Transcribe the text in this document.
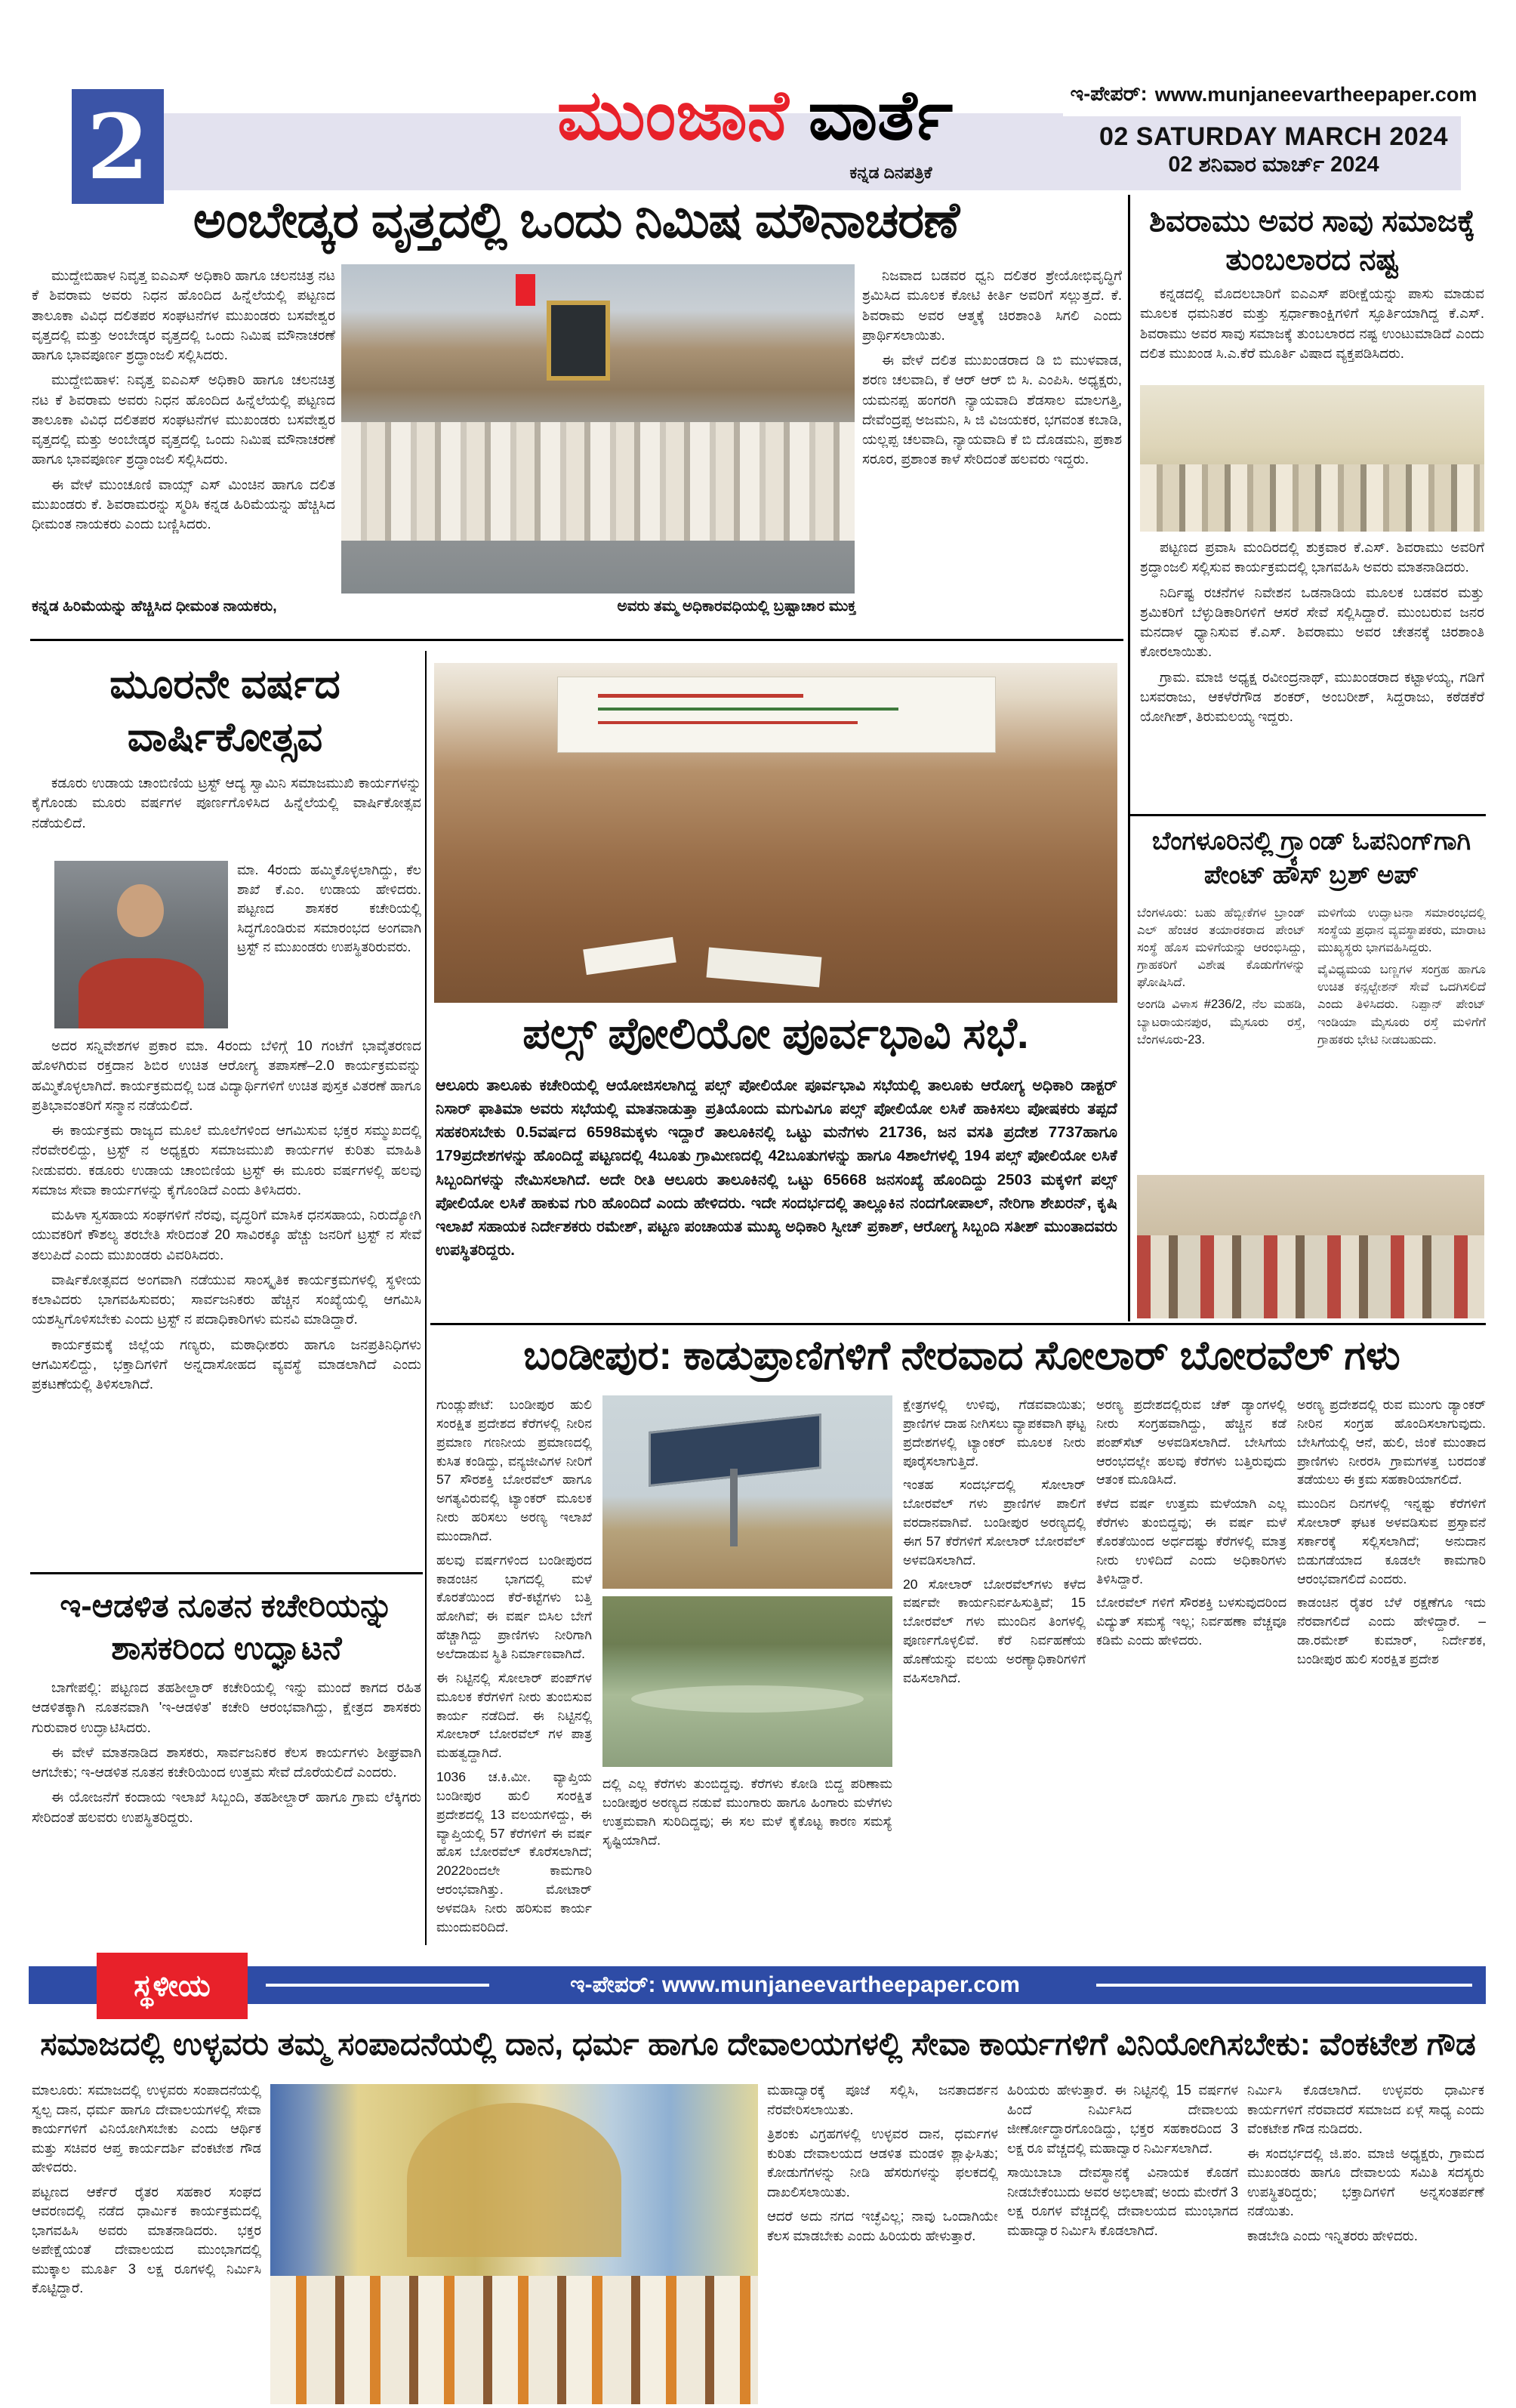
2	ಮುಂಜಾನೆ ವಾರ್ತೆ
ಕನ್ನಡ ದಿನಪತ್ರಿಕೆ
ಇ-ಪೇಪರ್: www.munjaneevartheepaper.com
02 SATURDAY MARCH 2024
02 ಶನಿವಾರ ಮಾರ್ಚ್ 2024
ಅಂಬೇಡ್ಕರ ವೃತ್ತದಲ್ಲಿ ಒಂದು ನಿಮಿಷ ಮೌನಾಚರಣೆ

ಮುದ್ದೇಬಿಹಾಳ ನಿವೃತ್ತ ಐಎಎಸ್ ಅಧಿಕಾರಿ ಹಾಗೂ ಚಲನಚಿತ್ರ ನಟ ಕೆ ಶಿವರಾಮ ಅವರು ನಿಧನ ಹೊಂದಿದ ಹಿನ್ನೆಲೆಯಲ್ಲಿ ಪಟ್ಟಣದ ತಾಲೂಕಾ ವಿವಿಧ ದಲಿತಪರ ಸಂಘಟನೆಗಳ ಮುಖಂಡರು ಬಸವೇಶ್ವರ ವೃತ್ತದಲ್ಲಿ ಮತ್ತು ಅಂಬೇಡ್ಕರ ವೃತ್ತದಲ್ಲಿ ಒಂದು ನಿಮಿಷ ಮೌನಾಚರಣೆ ಹಾಗೂ ಭಾವಪೂರ್ಣ ಶ್ರದ್ಧಾಂಜಲಿ ಸಲ್ಲಿಸಿದರು.

ಮುದ್ದೇಬಿಹಾಳ: ನಿವೃತ್ತ ಐಎಎಸ್ ಅಧಿಕಾರಿ ಹಾಗೂ ಚಲನಚಿತ್ರ ನಟ ಕೆ ಶಿವರಾಮ ಅವರು ನಿಧನ ಹೊಂದಿದ ಹಿನ್ನೆಲೆಯಲ್ಲಿ ಪಟ್ಟಣದ ತಾಲೂಕಾ ವಿವಿಧ ದಲಿತಪರ ಸಂಘಟನೆಗಳ ಮುಖಂಡರು ಬಸವೇಶ್ವರ ವೃತ್ತದಲ್ಲಿ ಮತ್ತು ಅಂಬೇಡ್ಕರ ವೃತ್ತದಲ್ಲಿ ಒಂದು ನಿಮಿಷ ಮೌನಾಚರಣೆ ಹಾಗೂ ಭಾವಪೂರ್ಣ ಶ್ರದ್ಧಾಂಜಲಿ ಸಲ್ಲಿಸಿದರು.

ಈ ವೇಳೆ ಮುಂಚೂಣಿ ವಾಯ್ಸ್ ಎಸ್ ಮಿಂಚಿನ ಹಾಗೂ ದಲಿತ ಮುಖಂಡರು ಕೆ. ಶಿವರಾಮರನ್ನು ಸ್ಮರಿಸಿ ಕನ್ನಡ ಹಿರಿಮೆಯನ್ನು ಹೆಚ್ಚಿಸಿದ ಧೀಮಂತ ನಾಯಕರು ಎಂದು ಬಣ್ಣಿಸಿದರು.

ನಿಜವಾದ ಬಡವರ ಧ್ವನಿ ದಲಿತರ ಶ್ರೇಯೋಭಿವೃದ್ಧಿಗೆ ಶ್ರಮಿಸಿದ ಮೂಲಕ ಕೋಟಿ ಕೀರ್ತಿ ಅವರಿಗೆ ಸಲ್ಲುತ್ತದೆ. ಕೆ. ಶಿವರಾಮ ಅವರ ಆತ್ಮಕ್ಕೆ ಚಿರಶಾಂತಿ ಸಿಗಲಿ ಎಂದು ಪ್ರಾರ್ಥಿಸಲಾಯಿತು.

ಈ ವೇಳೆ ದಲಿತ ಮುಖಂಡರಾದ ಡಿ ಬಿ ಮುಳವಾಡ, ಶರಣ ಚಲವಾದಿ, ಕೆ ಆರ್ ಆರ್ ಬಿ ಸಿ. ಎಂಪಿಸಿ. ಅಧ್ಯಕ್ಷರು, ಯಮನಪ್ಪ ಹಂಗರಗಿ ನ್ಯಾಯವಾದಿ ಶೆಡಸಾಲ ಮಾಲಗತ್ತಿ, ದೇವೆಂದ್ರಪ್ಪ ಅಜಮನಿ, ಸಿ ಜಿ ವಿಜಯಕರ, ಭಗವಂತ ಕಬಾಡಿ, ಯಲ್ಲಪ್ಪ ಚಲವಾದಿ, ನ್ಯಾಯವಾದಿ ಕೆ ಬಿ ದೊಡಮನಿ, ಪ್ರಕಾಶ ಸರೂರ, ಪ್ರಶಾಂತ ಕಾಳೆ ಸೇರಿದಂತೆ ಹಲವರು ಇದ್ದರು.

ಕನ್ನಡ ಹಿರಿಮೆಯನ್ನು ಹೆಚ್ಚಿಸಿದ ಧೀಮಂತ ನಾಯಕರು,	ಅವರು ತಮ್ಮ ಅಧಿಕಾರವಧಿಯಲ್ಲಿ ಬ್ರಷ್ಟಾಚಾರ ಮುಕ್ತ
ಶಿವರಾಮು ಅವರ ಸಾವು ಸಮಾಜಕ್ಕೆ ತುಂಬಲಾರದ ನಷ್ಟ

ಕನ್ನಡದಲ್ಲಿ ಮೊದಲಬಾರಿಗೆ ಐಎಎಸ್ ಪರೀಕ್ಷೆಯನ್ನು ಪಾಸು ಮಾಡುವ ಮೂಲಕ ಧಮನಿತರ ಮತ್ತು ಸ್ಪರ್ಧಾಕಾಂಕ್ಷಿಗಳಿಗೆ ಸ್ಫೂರ್ತಿಯಾಗಿದ್ದ ಕೆ.ಎಸ್. ಶಿವರಾಮು ಅವರ ಸಾವು ಸಮಾಜಕ್ಕೆ ತುಂಬಲಾರದ ನಷ್ಟ ಉಂಟುಮಾಡಿದೆ ಎಂದು ದಲಿತ ಮುಖಂಡ ಸಿ.ಎ.ಕೆರೆ ಮೂರ್ತಿ ವಿಷಾದ ವ್ಯಕ್ತಪಡಿಸಿದರು.

ಪಟ್ಟಣದ ಪ್ರವಾಸಿ ಮಂದಿರದಲ್ಲಿ ಶುಕ್ರವಾರ ಕೆ.ಎಸ್. ಶಿವರಾಮು ಅವರಿಗೆ ಶ್ರದ್ಧಾಂಜಲಿ ಸಲ್ಲಿಸುವ ಕಾರ್ಯಕ್ರಮದಲ್ಲಿ ಭಾಗವಹಿಸಿ ಅವರು ಮಾತನಾಡಿದರು.

ನಿರ್ದಿಷ್ಟ ರಚನೆಗಳ ನಿವೇಶನ ಒಡನಾಡಿಯ ಮೂಲಕ ಬಡವರ ಮತ್ತು ಶ್ರಮಿಕರಿಗೆ ಬೆಳ್ಳುಡಿಕಾರಿಗಳಿಗೆ ಆಸರೆ ಸೇವೆ ಸಲ್ಲಿಸಿದ್ದಾರೆ. ಮುಂಬರುವ ಜನರ ಮನದಾಳ ಧ್ಯಾನಿಸುವ ಕೆ.ಎಸ್. ಶಿವರಾಮು ಅವರ ಚೇತನಕ್ಕೆ ಚಿರಶಾಂತಿ ಕೋರಲಾಯಿತು.

ಗ್ರಾಮ. ಮಾಜಿ ಅಧ್ಯಕ್ಷ ರವೀಂದ್ರನಾಥ್, ಮುಖಂಡರಾದ ಕಟ್ಟಾಳಯ್ಯ, ಗಡಿಗೆ ಬಸವರಾಜು, ಆಕಳೆರೆಗೌಡ ಶಂಕರ್, ಅಂಬರೀಶ್, ಸಿದ್ದರಾಜು, ಕಠೆಡಕೆರೆ ಯೋಗೀಶ್, ತಿರುಮಲಯ್ಯ ಇದ್ದರು.

ಬೆಂಗಳೂರಿನಲ್ಲಿ ಗ್ರ್ಯಾಂಡ್ ಓಪನಿಂಗ್‌ಗಾಗಿ ಪೇಂಟ್ ಹೌಸ್ ಬ್ರಶ್ ಅಪ್

ಬೆಂಗಳೂರು: ಬಹು ಹೆಬ್ಬೀಕೆಗಳ ಬ್ರಾಂಡ್ ಎಲ್ ಹೆಂಚರ ತಯಾರಕರಾದ ಪೇಂಟ್ ಸಂಸ್ಥೆ ಹೊಸ ಮಳಿಗೆಯನ್ನು ಆರಂಭಿಸಿದ್ದು, ಗ್ರಾಹಕರಿಗೆ ವಿಶೇಷ ಕೊಡುಗೆಗಳನ್ನು ಘೋಷಿಸಿದೆ.

ಅಂಗಡಿ ವಿಳಾಸ #236/2, ನೆಲ ಮಹಡಿ, ಬ್ಯಾಟರಾಯನಪುರ, ಮೈಸೂರು ರಸ್ತೆ, ಬೆಂಗಳೂರು-23.

ಮಳಿಗೆಯ ಉದ್ಘಾಟನಾ ಸಮಾರಂಭದಲ್ಲಿ ಸಂಸ್ಥೆಯ ಪ್ರಧಾನ ವ್ಯವಸ್ಥಾಪಕರು, ಮಾರಾಟ ಮುಖ್ಯಸ್ಥರು ಭಾಗವಹಿಸಿದ್ದರು.

ವೈವಿಧ್ಯಮಯ ಬಣ್ಣಗಳ ಸಂಗ್ರಹ ಹಾಗೂ ಉಚಿತ ಕನ್ಸಲ್ಟೇಶನ್ ಸೇವೆ ಒದಗಿಸಲಿದೆ ಎಂದು ತಿಳಿಸಿದರು. ನಿಪ್ಪಾನ್ ಪೇಂಟ್ ಇಂಡಿಯಾ ಮೈಸೂರು ರಸ್ತೆ ಮಳಿಗೆಗೆ ಗ್ರಾಹಕರು ಭೇಟಿ ನೀಡಬಹುದು.

ಮೂರನೇ ವರ್ಷದ ವಾರ್ಷಿಕೋತ್ಸವ

ಕಡೂರು ಉಡಾಯ ಚಾಂಬಿಣಿಯ ಟ್ರಸ್ಟ್ ಆದ್ಯ ಸ್ವಾಮಿನಿ ಸಮಾಜಮುಖಿ ಕಾರ್ಯಗಳನ್ನು ಕೈಗೊಂಡು ಮೂರು ವರ್ಷಗಳ ಪೂರ್ಣಗೊಳಿಸಿದ ಹಿನ್ನೆಲೆಯಲ್ಲಿ ವಾರ್ಷಿಕೋತ್ಸವ ನಡೆಯಲಿದೆ.

ಮಾ. 4ರಂದು ಹಮ್ಮಿಕೊಳ್ಳಲಾಗಿದ್ದು, ಕೆಲ ಶಾಖೆ ಕೆ.ಎಂ. ಉಡಾಯ ಹೇಳಿದರು. ಪಟ್ಟಣದ ಶಾಸಕರ ಕಚೇರಿಯಲ್ಲಿ ಸಿದ್ಧಗೊಂಡಿರುವ ಸಮಾರಂಭದ ಅಂಗವಾಗಿ ಟ್ರಸ್ಟ್ ನ ಮುಖಂಡರು ಉಪಸ್ಥಿತರಿರುವರು.

ಅದರ ಸನ್ನಿವೇಶಗಳ ಪ್ರಕಾರ ಮಾ. 4ರಂದು ಬೆಳಿಗ್ಗೆ 10 ಗಂಟೆಗೆ ಭಾವೈತರಣದ ಹೊಳಗಿರುವ ರಕ್ತದಾನ ಶಿಬಿರ ಉಚಿತ ಆರೋಗ್ಯ ತಪಾಸಣೆ–2.0 ಕಾರ್ಯಕ್ರಮವನ್ನು ಹಮ್ಮಿಕೊಳ್ಳಲಾಗಿದೆ. ಕಾರ್ಯಕ್ರಮದಲ್ಲಿ ಬಡ ವಿದ್ಯಾರ್ಥಿಗಳಿಗೆ ಉಚಿತ ಪುಸ್ತಕ ವಿತರಣೆ ಹಾಗೂ ಪ್ರತಿಭಾವಂತರಿಗೆ ಸನ್ಮಾನ ನಡೆಯಲಿದೆ.

ಈ ಕಾರ್ಯಕ್ರಮ ರಾಜ್ಯದ ಮೂಲೆ ಮೂಲೆಗಳಿಂದ ಆಗಮಿಸುವ ಭಕ್ತರ ಸಮ್ಮುಖದಲ್ಲಿ ನೆರವೇರಲಿದ್ದು, ಟ್ರಸ್ಟ್ ನ ಅಧ್ಯಕ್ಷರು ಸಮಾಜಮುಖಿ ಕಾರ್ಯಗಳ ಕುರಿತು ಮಾಹಿತಿ ನೀಡುವರು. ಕಡೂರು ಉಡಾಯ ಚಾಂಬಿಣಿಯ ಟ್ರಸ್ಟ್ ಈ ಮೂರು ವರ್ಷಗಳಲ್ಲಿ ಹಲವು ಸಮಾಜ ಸೇವಾ ಕಾರ್ಯಗಳನ್ನು ಕೈಗೊಂಡಿದೆ ಎಂದು ತಿಳಿಸಿದರು.

ಮಹಿಳಾ ಸ್ವಸಹಾಯ ಸಂಘಗಳಿಗೆ ನೆರವು, ವೃದ್ಧರಿಗೆ ಮಾಸಿಕ ಧನಸಹಾಯ, ನಿರುದ್ಯೋಗಿ ಯುವಕರಿಗೆ ಕೌಶಲ್ಯ ತರಬೇತಿ ಸೇರಿದಂತೆ 20 ಸಾವಿರಕ್ಕೂ ಹೆಚ್ಚು ಜನರಿಗೆ ಟ್ರಸ್ಟ್ ನ ಸೇವೆ ತಲುಪಿದೆ ಎಂದು ಮುಖಂಡರು ವಿವರಿಸಿದರು.

ವಾರ್ಷಿಕೋತ್ಸವದ ಅಂಗವಾಗಿ ನಡೆಯುವ ಸಾಂಸ್ಕೃತಿಕ ಕಾರ್ಯಕ್ರಮಗಳಲ್ಲಿ ಸ್ಥಳೀಯ ಕಲಾವಿದರು ಭಾಗವಹಿಸುವರು; ಸಾರ್ವಜನಿಕರು ಹೆಚ್ಚಿನ ಸಂಖ್ಯೆಯಲ್ಲಿ ಆಗಮಿಸಿ ಯಶಸ್ವಿಗೊಳಿಸಬೇಕು ಎಂದು ಟ್ರಸ್ಟ್ ನ ಪದಾಧಿಕಾರಿಗಳು ಮನವಿ ಮಾಡಿದ್ದಾರೆ.

ಕಾರ್ಯಕ್ರಮಕ್ಕೆ ಜಿಲ್ಲೆಯ ಗಣ್ಯರು, ಮಠಾಧೀಶರು ಹಾಗೂ ಜನಪ್ರತಿನಿಧಿಗಳು ಆಗಮಿಸಲಿದ್ದು, ಭಕ್ತಾದಿಗಳಿಗೆ ಅನ್ನದಾಸೋಹದ ವ್ಯವಸ್ಥೆ ಮಾಡಲಾಗಿದೆ ಎಂದು ಪ್ರಕಟಣೆಯಲ್ಲಿ ತಿಳಿಸಲಾಗಿದೆ.

ಪಲ್ಸ್ ಪೋಲಿಯೋ ಪೂರ್ವಭಾವಿ ಸಭೆ.
ಆಲೂರು ತಾಲೂಕು ಕಚೇರಿಯಲ್ಲಿ ಆಯೋಜಿಸಲಾಗಿದ್ದ ಪಲ್ಸ್ ಪೋಲಿಯೋ ಪೂರ್ವಭಾವಿ ಸಭೆಯಲ್ಲಿ ತಾಲೂಕು ಆರೋಗ್ಯ ಅಧಿಕಾರಿ ಡಾಕ್ಟರ್ ನಿಸಾರ್ ಫಾತಿಮಾ ಅವರು ಸಭೆಯಲ್ಲಿ ಮಾತನಾಡುತ್ತಾ ಪ್ರತಿಯೊಂದು ಮಗುವಿಗೂ ಪಲ್ಸ್ ಪೋಲಿಯೋ ಲಸಿಕೆ ಹಾಕಿಸಲು ಪೋಷಕರು ತಪ್ಪದೆ ಸಹಕರಿಸಬೇಕು 0.5ವರ್ಷದ 6598ಮಕ್ಕಳು ಇದ್ದಾರೆ ತಾಲೂಕಿನಲ್ಲಿ ಒಟ್ಟು ಮನೆಗಳು 21736, ಜನ ವಸತಿ ಪ್ರದೇಶ 7737ಹಾಗೂ 179ಪ್ರದೇಶಗಳನ್ನು ಹೊಂದಿದ್ದೆ ಪಟ್ಟಣದಲ್ಲಿ 4ಬೂತು ಗ್ರಾಮೀಣದಲ್ಲಿ 42ಬೂತುಗಳನ್ನು ಹಾಗೂ 4ಶಾಲೆಗಳಲ್ಲಿ 194 ಪಲ್ಸ್ ಪೋಲಿಯೋ ಲಸಿಕೆ ಸಿಬ್ಬಂದಿಗಳನ್ನು ನೇಮಿಸಲಾಗಿದೆ. ಅದೇ ರೀತಿ ಆಲೂರು ತಾಲೂಕಿನಲ್ಲಿ ಒಟ್ಟು 65668 ಜನಸಂಖ್ಯೆ ಹೊಂದಿದ್ದು 2503 ಮಕ್ಕಳಿಗೆ ಪಲ್ಸ್ ಪೋಲಿಯೋ ಲಸಿಕೆ ಹಾಕುವ ಗುರಿ ಹೊಂದಿದೆ ಎಂದು ಹೇಳಿದರು. ಇದೇ ಸಂದರ್ಭದಲ್ಲಿ ತಾಲ್ಲೂಕಿನ ನಂದಗೋಪಾಲ್, ನೇರಿಗಾ ಶೇಖರನ್, ಕೃಷಿ ಇಲಾಖೆ ಸಹಾಯಕ ನಿರ್ದೇಶಕರು ರಮೇಶ್, ಪಟ್ಟಣ ಪಂಚಾಯತ ಮುಖ್ಯ ಅಧಿಕಾರಿ ಸ್ವೀಚ್ ಪ್ರಕಾಶ್, ಆರೋಗ್ಯ ಸಿಬ್ಬಂದಿ ಸತೀಶ್ ಮುಂತಾದವರು ಉಪಸ್ಥಿತರಿದ್ದರು.
ಬಂಡೀಪುರ: ಕಾಡುಪ್ರಾಣಿಗಳಿಗೆ ನೇರವಾದ ಸೋಲಾರ್ ಬೋರವೆಲ್ ಗಳು

ಗುಂಡ್ಲುಪೇಟೆ: ಬಂಡೀಪುರ ಹುಲಿ ಸಂರಕ್ಷಿತ ಪ್ರದೇಶದ ಕೆರೆಗಳಲ್ಲಿ ನೀರಿನ ಪ್ರಮಾಣ ಗಣನೀಯ ಪ್ರಮಾಣದಲ್ಲಿ ಕುಸಿತ ಕಂಡಿದ್ದು, ವನ್ಯಜೀವಿಗಳ ನೀರಿಗೆ 57 ಸೌರಶಕ್ತಿ ಬೋರವೆಲ್ ಹಾಗೂ ಅಗತ್ಯವಿರುವಲ್ಲಿ ಟ್ಯಾಂಕರ್ ಮೂಲಕ ನೀರು ಹರಿಸಲು ಅರಣ್ಯ ಇಲಾಖೆ ಮುಂದಾಗಿದೆ.

ಹಲವು ವರ್ಷಗಳಿಂದ ಬಂಡೀಪುರದ ಕಾಡಂಚಿನ ಭಾಗದಲ್ಲಿ ಮಳೆ ಕೊರತೆಯಿಂದ ಕೆರೆ-ಕಟ್ಟೆಗಳು ಬತ್ತಿ ಹೋಗಿವೆ; ಈ ವರ್ಷ ಬಿಸಿಲ ಬೇಗೆ ಹೆಚ್ಚಾಗಿದ್ದು ಪ್ರಾಣಿಗಳು ನೀರಿಗಾಗಿ ಅಲೆದಾಡುವ ಸ್ಥಿತಿ ನಿರ್ಮಾಣವಾಗಿದೆ.

ಈ ನಿಟ್ಟಿನಲ್ಲಿ ಸೋಲಾರ್ ಪಂಪ್‌ಗಳ ಮೂಲಕ ಕೆರೆಗಳಿಗೆ ನೀರು ತುಂಬಿಸುವ ಕಾರ್ಯ ನಡೆದಿದೆ. ಈ ನಿಟ್ಟಿನಲ್ಲಿ ಸೋಲಾರ್ ಬೋರವೆಲ್ ಗಳ ಪಾತ್ರ ಮಹತ್ವದ್ದಾಗಿದೆ.

1036 ಚ.ಕಿ.ಮೀ. ವ್ಯಾಪ್ತಿಯ ಬಂಡೀಪುರ ಹುಲಿ ಸಂರಕ್ಷಿತ ಪ್ರದೇಶದಲ್ಲಿ 13 ವಲಯಗಳಿದ್ದು, ಈ ವ್ಯಾಪ್ತಿಯಲ್ಲಿ 57 ಕೆರೆಗಳಿಗೆ ಈ ವರ್ಷ ಹೊಸ ಬೋರವೆಲ್ ಕೊರೆಸಲಾಗಿದೆ; 2022ರಿಂದಲೇ ಕಾಮಗಾರಿ ಆರಂಭವಾಗಿತ್ತು. ಮೋಟಾರ್ ಅಳವಡಿಸಿ ನೀರು ಹರಿಸುವ ಕಾರ್ಯ ಮುಂದುವರಿದಿದೆ.

ದಲ್ಲಿ ಎಲ್ಲ ಕೆರೆಗಳು ತುಂಬಿದ್ದವು. ಕೆರೆಗಳು ಕೋಡಿ ಬಿದ್ದ ಪರಿಣಾಮ ಬಂಡೀಪುರ ಅರಣ್ಯದ ನಡುವೆ ಮುಂಗಾರು ಹಾಗೂ ಹಿಂಗಾರು ಮಳೆಗಳು ಉತ್ತಮವಾಗಿ ಸುರಿದಿದ್ದವು; ಈ ಸಲ ಮಳೆ ಕೈಕೊಟ್ಟ ಕಾರಣ ಸಮಸ್ಯೆ ಸೃಷ್ಟಿಯಾಗಿದೆ.

ಕ್ಷೇತ್ರಗಳಲ್ಲಿ ಉಳಿವು, ಗೆಡವವಾಯಿತು; ಪ್ರಾಣಿಗಳ ದಾಹ ನೀಗಿಸಲು ವ್ಯಾಪಕವಾಗಿ ಘಟ್ಟ ಪ್ರದೇಶಗಳಲ್ಲಿ ಟ್ಯಾಂಕರ್ ಮೂಲಕ ನೀರು ಪೂರೈಸಲಾಗುತ್ತಿದೆ.

ಇಂತಹ ಸಂದರ್ಭದಲ್ಲಿ ಸೋಲಾರ್ ಬೋರವೆಲ್ ಗಳು ಪ್ರಾಣಿಗಳ ಪಾಲಿಗೆ ವರದಾನವಾಗಿವೆ. ಬಂಡೀಪುರ ಅರಣ್ಯದಲ್ಲಿ ಈಗ 57 ಕೆರೆಗಳಿಗೆ ಸೋಲಾರ್ ಬೋರವೆಲ್ ಅಳವಡಿಸಲಾಗಿದೆ.

20 ಸೋಲಾರ್ ಬೋರವೆಲ್‌ಗಳು ಕಳೆದ ವರ್ಷವೇ ಕಾರ್ಯನಿರ್ವಹಿಸುತ್ತಿವೆ; 15 ಬೋರವೆಲ್ ಗಳು ಮುಂದಿನ ತಿಂಗಳಲ್ಲಿ ಪೂರ್ಣಗೊಳ್ಳಲಿವೆ. ಕೆರೆ ನಿರ್ವಹಣೆಯ ಹೊಣೆಯನ್ನು ವಲಯ ಅರಣ್ಯಾಧಿಕಾರಿಗಳಿಗೆ ವಹಿಸಲಾಗಿದೆ.

ಅರಣ್ಯ ಪ್ರದೇಶದಲ್ಲಿರುವ ಚೆಕ್ ಡ್ಯಾಂಗಳಲ್ಲಿ ನೀರು ಸಂಗ್ರಹವಾಗಿದ್ದು, ಹೆಚ್ಚಿನ ಕಡೆ ಪಂಪ್‌ಸೆಟ್ ಅಳವಡಿಸಲಾಗಿದೆ. ಬೇಸಿಗೆಯ ಆರಂಭದಲ್ಲೇ ಹಲವು ಕೆರೆಗಳು ಬತ್ತಿರುವುದು ಆತಂಕ ಮೂಡಿಸಿದೆ.

ಕಳೆದ ವರ್ಷ ಉತ್ತಮ ಮಳೆಯಾಗಿ ಎಲ್ಲ ಕೆರೆಗಳು ತುಂಬಿದ್ದವು; ಈ ವರ್ಷ ಮಳೆ ಕೊರತೆಯಿಂದ ಅರ್ಧದಷ್ಟು ಕೆರೆಗಳಲ್ಲಿ ಮಾತ್ರ ನೀರು ಉಳಿದಿದೆ ಎಂದು ಅಧಿಕಾರಿಗಳು ತಿಳಿಸಿದ್ದಾರೆ.

ಬೋರವೆಲ್ ಗಳಿಗೆ ಸೌರಶಕ್ತಿ ಬಳಸುವುದರಿಂದ ವಿದ್ಯುತ್ ಸಮಸ್ಯೆ ಇಲ್ಲ; ನಿರ್ವಹಣಾ ವೆಚ್ಚವೂ ಕಡಿಮೆ ಎಂದು ಹೇಳಿದರು.

ಅರಣ್ಯ ಪ್ರದೇಶದಲ್ಲಿ ರುವ ಮುಂಗು ಡ್ಯಾಂಕರ್ ನೀರಿನ ಸಂಗ್ರಹ ಹೊಂದಿಸಲಾಗುವುದು. ಬೇಸಿಗೆಯಲ್ಲಿ ಆನೆ, ಹುಲಿ, ಜಿಂಕೆ ಮುಂತಾದ ಪ್ರಾಣಿಗಳು ನೀರರಸಿ ಗ್ರಾಮಗಳತ್ತ ಬರದಂತೆ ತಡೆಯಲು ಈ ಕ್ರಮ ಸಹಕಾರಿಯಾಗಲಿದೆ.

ಮುಂದಿನ ದಿನಗಳಲ್ಲಿ ಇನ್ನಷ್ಟು ಕೆರೆಗಳಿಗೆ ಸೋಲಾರ್ ಘಟಕ ಅಳವಡಿಸುವ ಪ್ರಸ್ತಾವನೆ ಸರ್ಕಾರಕ್ಕೆ ಸಲ್ಲಿಸಲಾಗಿದೆ; ಅನುದಾನ ಬಿಡುಗಡೆಯಾದ ಕೂಡಲೇ ಕಾಮಗಾರಿ ಆರಂಭವಾಗಲಿದೆ ಎಂದರು.

ಕಾಡಂಚಿನ ರೈತರ ಬೆಳೆ ರಕ್ಷಣೆಗೂ ಇದು ನೆರವಾಗಲಿದೆ ಎಂದು ಹೇಳಿದ್ದಾರೆ. –ಡಾ.ರಮೇಶ್ ಕುಮಾರ್, ನಿರ್ದೇಶಕ, ಬಂಡೀಪುರ ಹುಲಿ ಸಂರಕ್ಷಿತ ಪ್ರದೇಶ

ಇ-ಆಡಳಿತ ನೂತನ ಕಚೇರಿಯನ್ನು ಶಾಸಕರಿಂದ ಉದ್ಘಾಟನೆ

ಬಾಗೇಪಲ್ಲಿ: ಪಟ್ಟಣದ ತಹಶೀಲ್ದಾರ್ ಕಚೇರಿಯಲ್ಲಿ ಇನ್ನು ಮುಂದೆ ಕಾಗದ ರಹಿತ ಆಡಳಿತಕ್ಕಾಗಿ ನೂತನವಾಗಿ 'ಇ-ಆಡಳಿತ' ಕಚೇರಿ ಆರಂಭವಾಗಿದ್ದು, ಕ್ಷೇತ್ರದ ಶಾಸಕರು ಗುರುವಾರ ಉದ್ಘಾಟಿಸಿದರು.

ಈ ವೇಳೆ ಮಾತನಾಡಿದ ಶಾಸಕರು, ಸಾರ್ವಜನಿಕರ ಕೆಲಸ ಕಾರ್ಯಗಳು ಶೀಘ್ರವಾಗಿ ಆಗಬೇಕು; ಇ-ಆಡಳಿತ ನೂತನ ಕಚೇರಿಯಿಂದ ಉತ್ತಮ ಸೇವೆ ದೊರೆಯಲಿದೆ ಎಂದರು.

ಈ ಯೋಜನೆಗೆ ಕಂದಾಯ ಇಲಾಖೆ ಸಿಬ್ಬಂದಿ, ತಹಶೀಲ್ದಾರ್ ಹಾಗೂ ಗ್ರಾಮ ಲೆಕ್ಕಿಗರು ಸೇರಿದಂತೆ ಹಲವರು ಉಪಸ್ಥಿತರಿದ್ದರು.

ಸ್ಥಳೀಯ	ಇ-ಪೇಪರ್: www.munjaneevartheepaper.com
ಸಮಾಜದಲ್ಲಿ ಉಳ್ಳವರು ತಮ್ಮ ಸಂಪಾದನೆಯಲ್ಲಿ ದಾನ, ಧರ್ಮ ಹಾಗೂ ದೇವಾಲಯಗಳಲ್ಲಿ ಸೇವಾ ಕಾರ್ಯಗಳಿಗೆ ವಿನಿಯೋಗಿಸಬೇಕು: ವೆಂಕಟೇಶ ಗೌಡ

ಮಾಲೂರು: ಸಮಾಜದಲ್ಲಿ ಉಳ್ಳವರು ಸಂಪಾದನೆಯಲ್ಲಿ ಸ್ವಲ್ಪ ದಾನ, ಧರ್ಮ ಹಾಗೂ ದೇವಾಲಯಗಳಲ್ಲಿ ಸೇವಾ ಕಾರ್ಯಗಳಿಗೆ ವಿನಿಯೋಗಿಸಬೇಕು ಎಂದು ಆರ್ಥಿಕ ಮತ್ತು ಸಚಿವರ ಆಪ್ತ ಕಾರ್ಯದರ್ಶಿ ವೆಂಕಟೇಶ ಗೌಡ ಹೇಳಿದರು.

ಪಟ್ಟಣದ ಆರ್ಕೆರೆ ರೈತರ ಸಹಕಾರ ಸಂಘದ ಆವರಣದಲ್ಲಿ ನಡೆದ ಧಾರ್ಮಿಕ ಕಾರ್ಯಕ್ರಮದಲ್ಲಿ ಭಾಗವಹಿಸಿ ಅವರು ಮಾತನಾಡಿದರು. ಭಕ್ತರ ಅಪೇಕ್ಷೆಯಂತೆ ದೇವಾಲಯದ ಮುಂಭಾಗದಲ್ಲಿ ಮುಕ್ಕಾಲ ಮೂರ್ತಿ 3 ಲಕ್ಷ ರೂಗಳಲ್ಲಿ ನಿರ್ಮಿಸಿ ಕೊಟ್ಟಿದ್ದಾರೆ.

ಮಹಾದ್ವಾರಕ್ಕೆ ಪೂಜೆ ಸಲ್ಲಿಸಿ, ಜನತಾದರ್ಶನ ನೆರವೇರಿಸಲಾಯಿತು.

ತ್ರಿಶಂಕು ವಿಗ್ರಹಗಳಲ್ಲಿ ಉಳ್ಳವರ ದಾನ, ಧರ್ಮಗಳ ಕುರಿತು ದೇವಾಲಯದ ಆಡಳಿತ ಮಂಡಳಿ ಶ್ಲಾಘಿಸಿತು; ಕೋಡುಗೆಗಳನ್ನು ನೀಡಿ ಹೆಸರುಗಳನ್ನು ಫಲಕದಲ್ಲಿ ದಾಖಲಿಸಲಾಯಿತು.

ಆದರೆ ಅದು ನಗದ ಇಚ್ಛೆವಿಲ್ಲ; ನಾವು ಒಂದಾಗಿಯೇ ಕೆಲಸ ಮಾಡಬೇಕು ಎಂದು ಹಿರಿಯರು ಹೇಳುತ್ತಾರೆ.

ಹಿರಿಯರು ಹೇಳುತ್ತಾರೆ. ಈ ನಿಟ್ಟಿನಲ್ಲಿ 15 ವರ್ಷಗಳ ಹಿಂದೆ ನಿರ್ಮಿಸಿದ ದೇವಾಲಯ ಜೀರ್ಣೋದ್ಧಾರಗೊಂಡಿದ್ದು, ಭಕ್ತರ ಸಹಕಾರದಿಂದ 3 ಲಕ್ಷ ರೂ ವೆಚ್ಚದಲ್ಲಿ ಮಹಾದ್ವಾರ ನಿರ್ಮಿಸಲಾಗಿದೆ.

ಸಾಯಿಬಾಬಾ ದೇವಸ್ಥಾನಕ್ಕೆ ವಿನಾಯಕ ಕೊಡಗೆ ನೀಡಬೇಕೆಂಬುದು ಅವರ ಅಭಿಲಾಷೆ; ಅಂದು ಮೇರೆಗೆ 3 ಲಕ್ಷ ರೂಗಳ ವೆಚ್ಚದಲ್ಲಿ ದೇವಾಲಯದ ಮುಂಭಾಗದ ಮಹಾದ್ವಾರ ನಿರ್ಮಿಸಿ ಕೊಡಲಾಗಿದೆ.

ನಿರ್ಮಿಸಿ ಕೊಡಲಾಗಿದೆ. ಉಳ್ಳವರು ಧಾರ್ಮಿಕ ಕಾರ್ಯಗಳಿಗೆ ನೆರವಾದರೆ ಸಮಾಜದ ಏಳ್ಗೆ ಸಾಧ್ಯ ಎಂದು ವೆಂಕಟೇಶ ಗೌಡ ನುಡಿದರು.

ಈ ಸಂದರ್ಭದಲ್ಲಿ ಜಿ.ಪಂ. ಮಾಜಿ ಅಧ್ಯಕ್ಷರು, ಗ್ರಾಮದ ಮುಖಂಡರು ಹಾಗೂ ದೇವಾಲಯ ಸಮಿತಿ ಸದಸ್ಯರು ಉಪಸ್ಥಿತರಿದ್ದರು; ಭಕ್ತಾದಿಗಳಿಗೆ ಅನ್ನಸಂತರ್ಪಣೆ ನಡೆಯಿತು.

ಕಾಡಬೇಡಿ ಎಂದು ಇನ್ನಿತರರು ಹೇಳಿದರು.
